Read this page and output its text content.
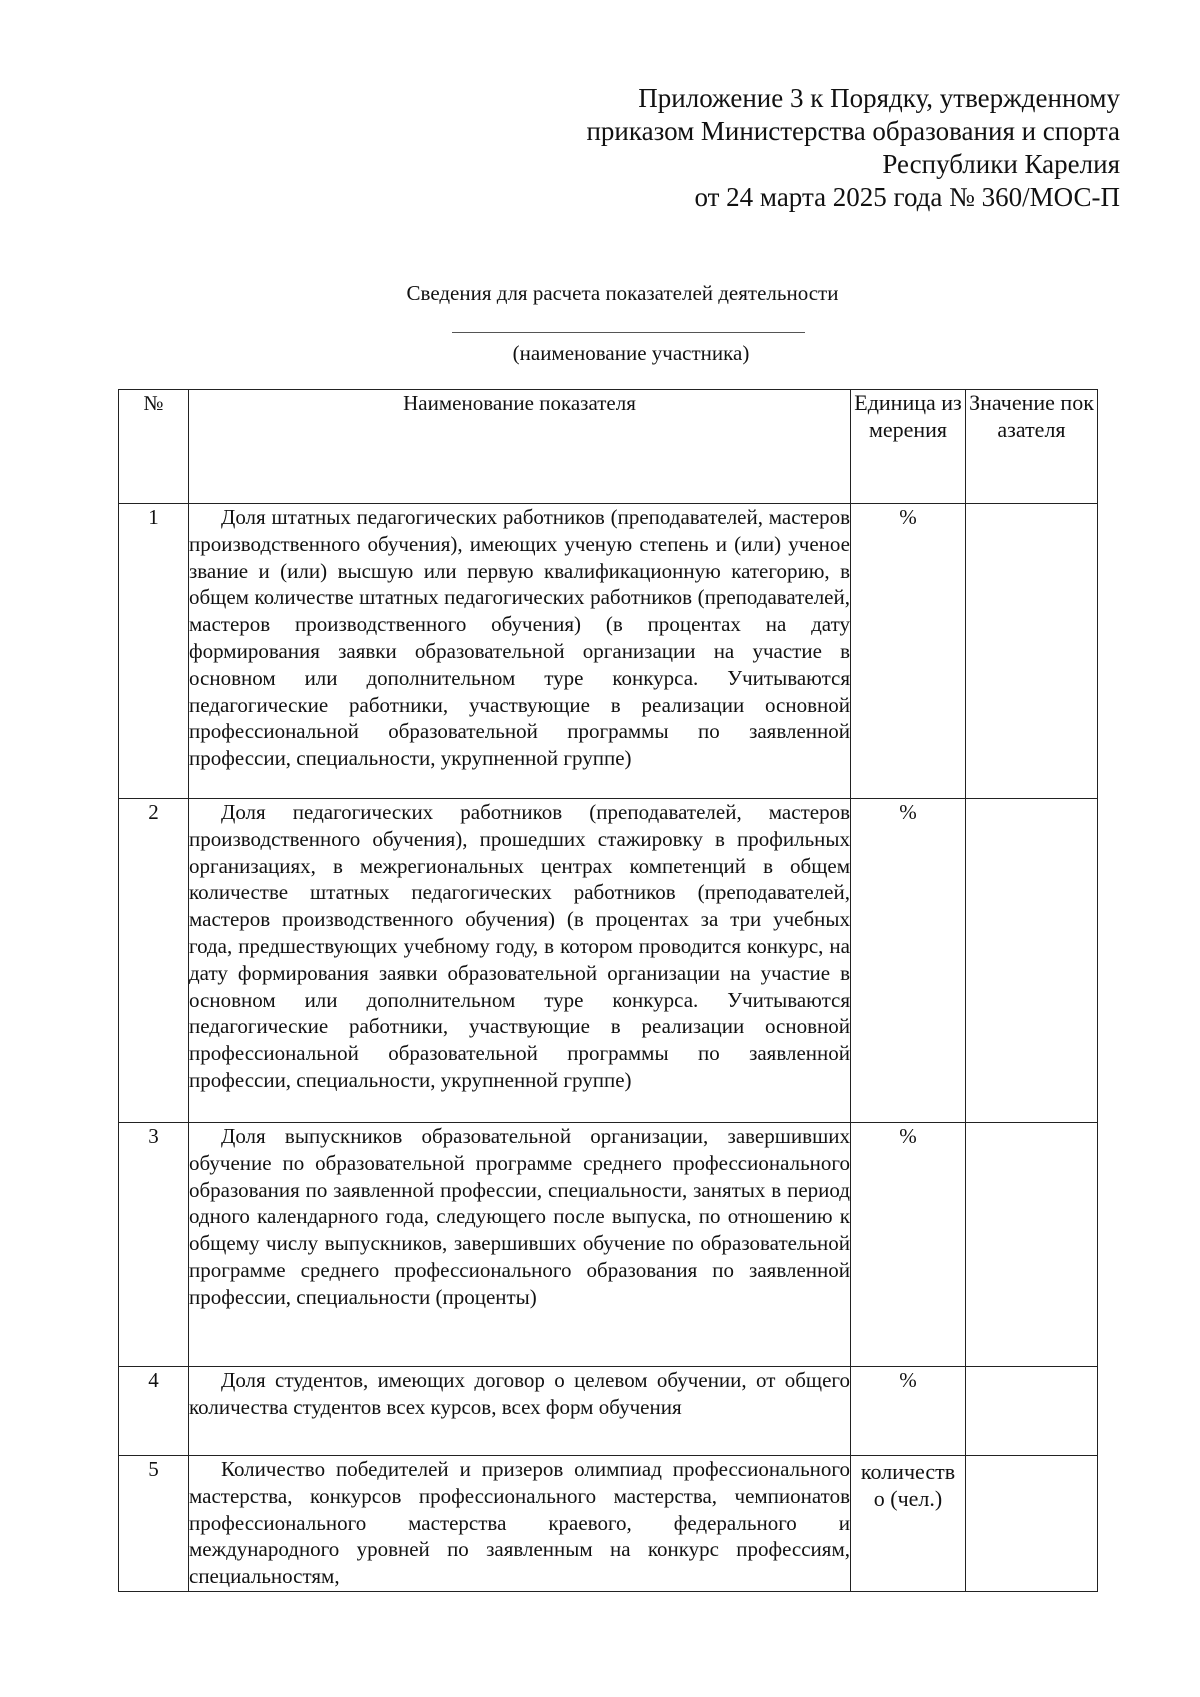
Приложение 3 к Порядку, утвержденному
приказом Министерства образования и спорта
Республики Карелия
от 24 марта 2025 года № 360/МОС-П
Сведения для расчета показателей деятельности
(наименование участника)
№	Наименование показателя	Единица измерения	Значение показателя
1	Доля штатных педагогических работников (преподавателей, мастеров производственного обучения), имеющих ученую степень и (или) ученое звание и (или) высшую или первую квалификационную категорию, в общем количестве штатных педагогических работников (преподавателей, мастеров производственного обучения) (в процентах на дату формирования заявки образовательной организации на участие в основном или дополнительном туре конкурса. Учитываются педагогические работники, участвующие в реализации основной профессиональной образовательной программы по заявленной профессии, специальности, укрупненной группе)	%	
2	Доля педагогических работников (преподавателей, мастеров производственного обучения), прошедших стажировку в профильных организациях, в межрегиональных центрах компетенций в общем количестве штатных педагогических работников (преподавателей, мастеров производственного обучения) (в процентах за три учебных года, предшествующих учебному году, в котором проводится конкурс, на дату формирования заявки образовательной организации на участие в основном или дополнительном туре конкурса. Учитываются педагогические работники, участвующие в реализации основной профессиональной образовательной программы по заявленной профессии, специальности, укрупненной группе)	%	
3	Доля выпускников образовательной организации, завершивших обучение по образовательной программе среднего профессионального образования по заявленной профессии, специальности, занятых в период одного календарного года, следующего после выпуска, по отношению к общему числу выпускников, завершивших обучение по образовательной программе среднего профессионального образования по заявленной профессии, специальности (проценты)	%	
4	Доля студентов, имеющих договор о целевом обучении, от общего количества студентов всех курсов, всех форм обучения	%	
5	Количество победителей и призеров олимпиад профессионального мастерства, конкурсов профессионального мастерства, чемпионатов профессионального мастерства краевого, федерального и международного уровней по заявленным на конкурс профессиям, специальностям,	количество (чел.)	
